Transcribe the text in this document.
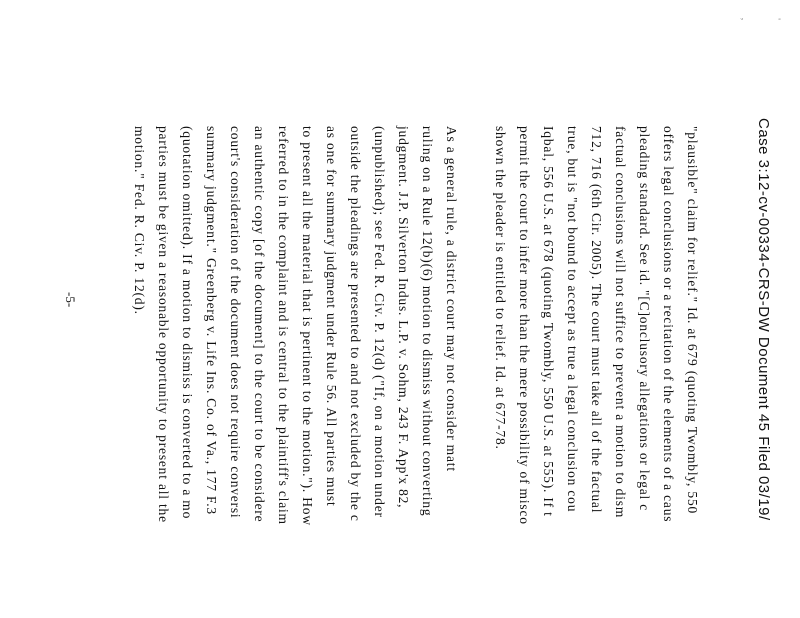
, '
Case 3:12-cv-00334-CRS-DW Document 45 Filed 03/19/
"plausible" claim for relief." Id. at 679 (quoting Twombly, 550
offers legal conclusions or a recitation of the elements of a caus
pleading standard. See id. "[C]onclusory allegations or legal c
factual conclusions will not suffice to prevent a motion to dism
712, 716 (6th Cir. 2005). The court must take all of the factual
true, but is "not bound to accept as true a legal conclusion cou
Iqbal, 556 U.S. at 678 (quoting Twombly, 550 U.S. at 555). If t
permit the court to infer more than the mere possibility of misco
shown the pleader is entitled to relief. Id. at 677-78.
As a general rule, a district court may not consider matt
ruling on a Rule 12(b)(6) motion to dismiss without converting
judgment. J.P. Silverton Indus. L.P. v. Sohm, 243 F. App'x 82,
(unpublished); see Fed. R. Civ. P. 12(d) ("If, on a motion under
outside the pleadings are presented to and not excluded by the c
as one for summary judgment under Rule 56. All parties must
to present all the material that is pertinent to the motion."). How
referred to in the complaint and is central to the plaintiff's claim
an authentic copy [of the document] to the court to be considere
court's consideration of the document does not require conversi
summary judgment." Greenberg v. Life Ins. Co. of Va., 177 F.3
(quotation omitted). If a motion to dismiss is converted to a mo
parties must be given a reasonable opportunity to present all the
motion." Fed. R. Civ. P. 12(d).
-5-
